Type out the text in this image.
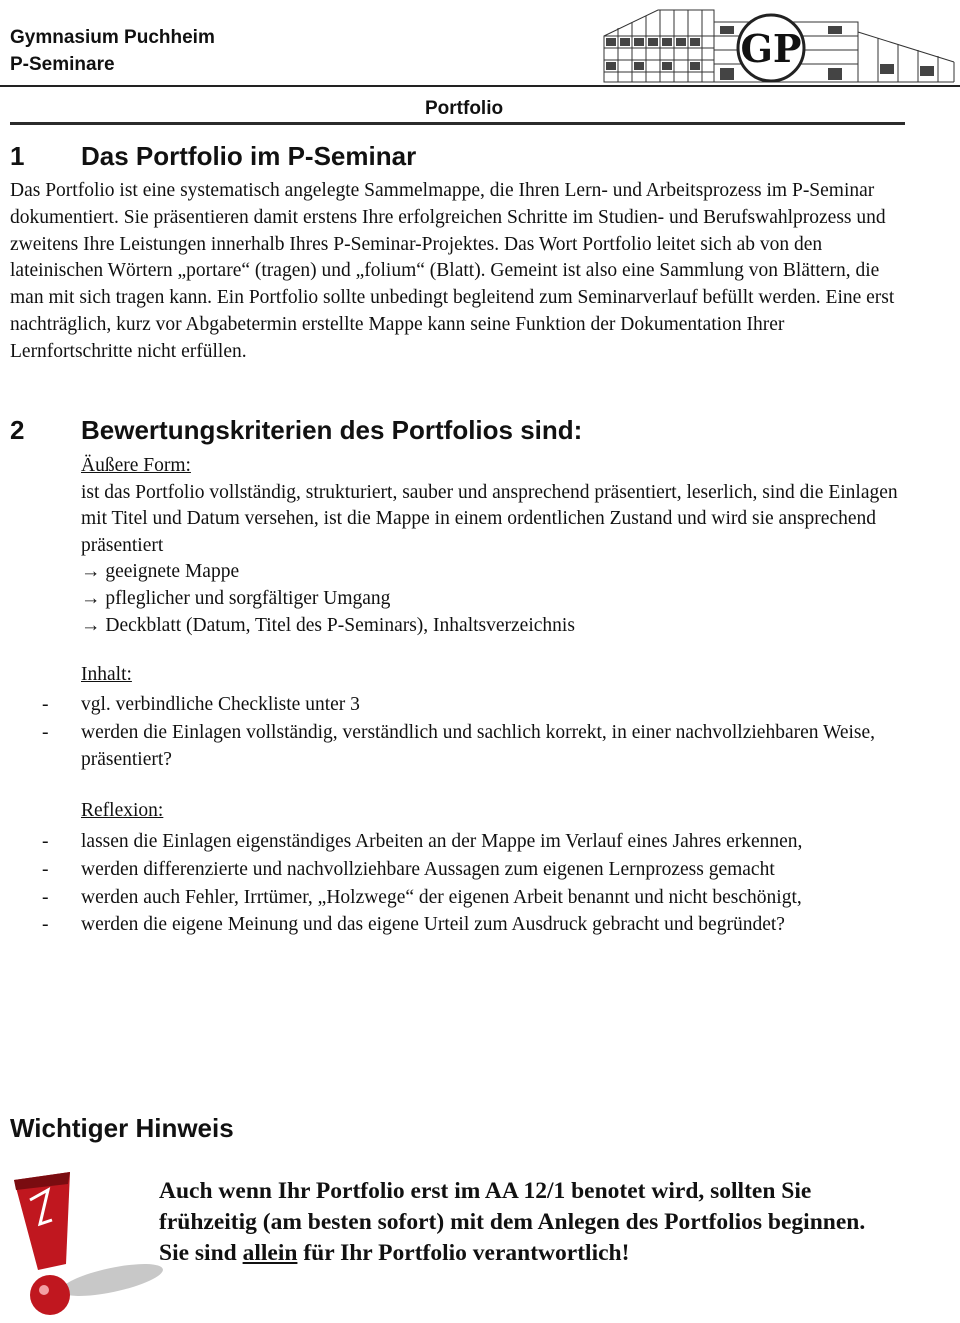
Gymnasium Puchheim
P-Seminare	GP
Portfolio
1 Das Portfolio im P-Seminar

Das Portfolio ist eine systematisch angelegte Sammelmappe, die Ihren Lern- und Arbeitsprozess im P-Seminar dokumentiert. Sie präsentieren damit erstens Ihre erfolgreichen Schritte im Studien- und Berufswahlprozess und zweitens Ihre Leistungen innerhalb Ihres P-Seminar-Projektes. Das Wort Portfolio leitet sich ab von den lateinischen Wörtern „portare“ (tragen) und „folium“ (Blatt). Gemeint ist also eine Sammlung von Blättern, die man mit sich tragen kann. Ein Portfolio sollte unbedingt begleitend zum Seminarverlauf befüllt werden. Eine erst nachträglich, kurz vor Abgabetermin erstellte Mappe kann seine Funktion der Dokumentation Ihrer Lernfortschritte nicht erfüllen.

2 Bewertungskriterien des Portfolios sind:
Äußere Form:
ist das Portfolio vollständig, strukturiert, sauber und ansprechend präsentiert, leserlich, sind die Einlagen mit Titel und Datum versehen, ist die Mappe in einem ordentlichen Zustand und wird sie ansprechend präsentiert
→ geeignete Mappe
→ pfleglicher und sorgfältiger Umgang
→ Deckblatt (Datum, Titel des P-Seminars), Inhaltsverzeichnis
Inhalt:
- vgl. verbindliche Checkliste unter 3
- werden die Einlagen vollständig, verständlich und sachlich korrekt, in einer nachvollziehbaren Weise, präsentiert?
Reflexion:
- lassen die Einlagen eigenständiges Arbeiten an der Mappe im Verlauf eines Jahres erkennen,
- werden differenzierte und nachvollziehbare Aussagen zum eigenen Lernprozess gemacht
- werden auch Fehler, Irrtümer, „Holzwege“ der eigenen Arbeit benannt und nicht beschönigt,
- werden die eigene Meinung und das eigene Urteil zum Ausdruck gebracht und begründet?
Wichtiger Hinweis

Auch wenn Ihr Portfolio erst im AA 12/1 benotet wird, sollten Sie frühzeitig (am besten sofort) mit dem Anlegen des Portfolios beginnen. Sie sind allein für Ihr Portfolio verantwortlich!
